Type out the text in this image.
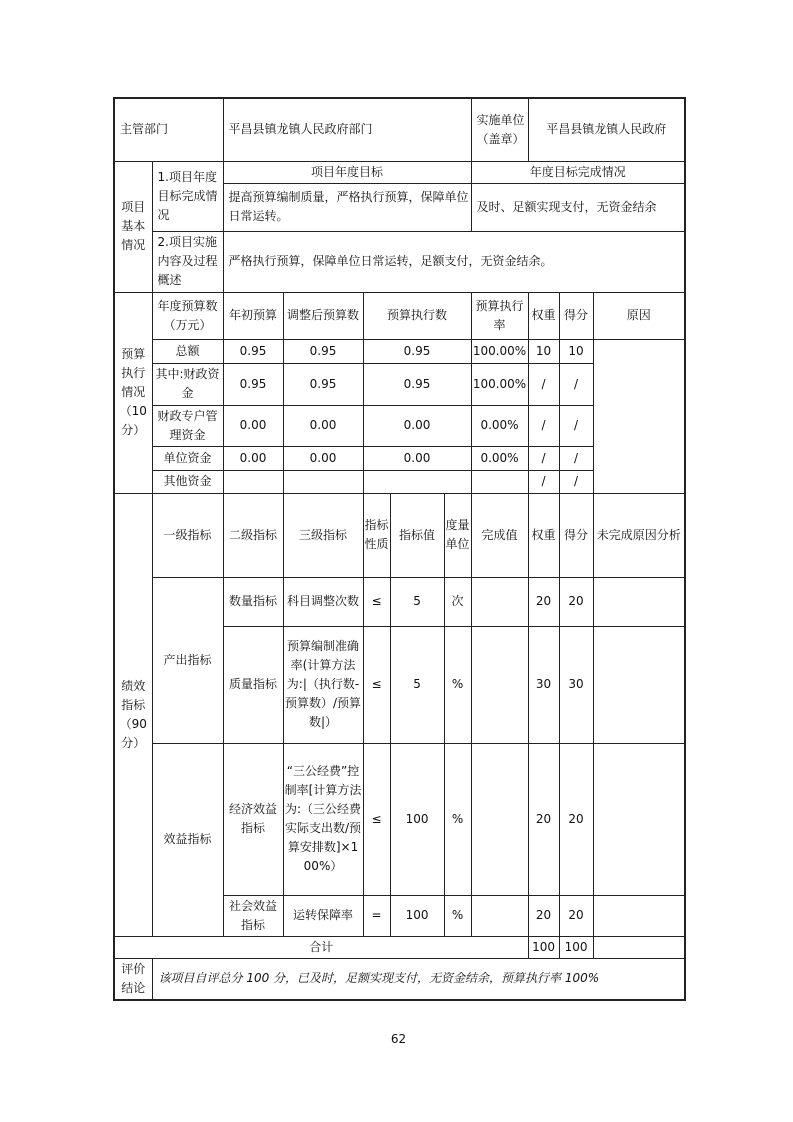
主管部门		平昌县镇龙镇人民政府部门					实施单位（盖章）	平昌县镇龙镇人民政府		
项目基本情况	1.项目年度目标完成情况	项目年度目标					年度目标完成情况			
		提高预算编制质量，严格执行预算，保障单位日常运转。					及时、足额实现支付，无资金结余			
	2.项目实施内容及过程概述	严格执行预算，保障单位日常运转，足额支付，无资金结余。								
预算执行情况（10分）	年度预算数（万元）	年初预算	调整后预算数	预算执行数			预算执行率	权重	得分	原因
	总额	0.95	0.95	0.95			100.00%	10	10	
	其中:财政资金	0.95	0.95	0.95			100.00%	/	/	
	财政专户管理资金	0.00	0.00	0.00			0.00%	/	/	
	单位资金	0.00	0.00	0.00			0.00%	/	/	
	其他资金							/	/	
绩效指标（90分）	一级指标	二级指标	三级指标	指标性质	指标值	度量单位	完成值	权重	得分	未完成原因分析
	产出指标	数量指标	科目调整次数	≤	5	次		20	20	
		质量指标	预算编制准确率(计算方法为:|（执行数-预算数）/预算数|）	≤	5	%		30	30	
	效益指标	经济效益指标	“三公经费”控制率[计算方法为:（三公经费实际支出数/预算安排数]×100%）	≤	100	%		20	20	
		社会效益指标	运转保障率	=	100	%		20	20	
合计								100	100	
评价结论	该项目自评总分 100 分，已及时，足额实现支付，无资金结余，预算执行率 100%									
62
